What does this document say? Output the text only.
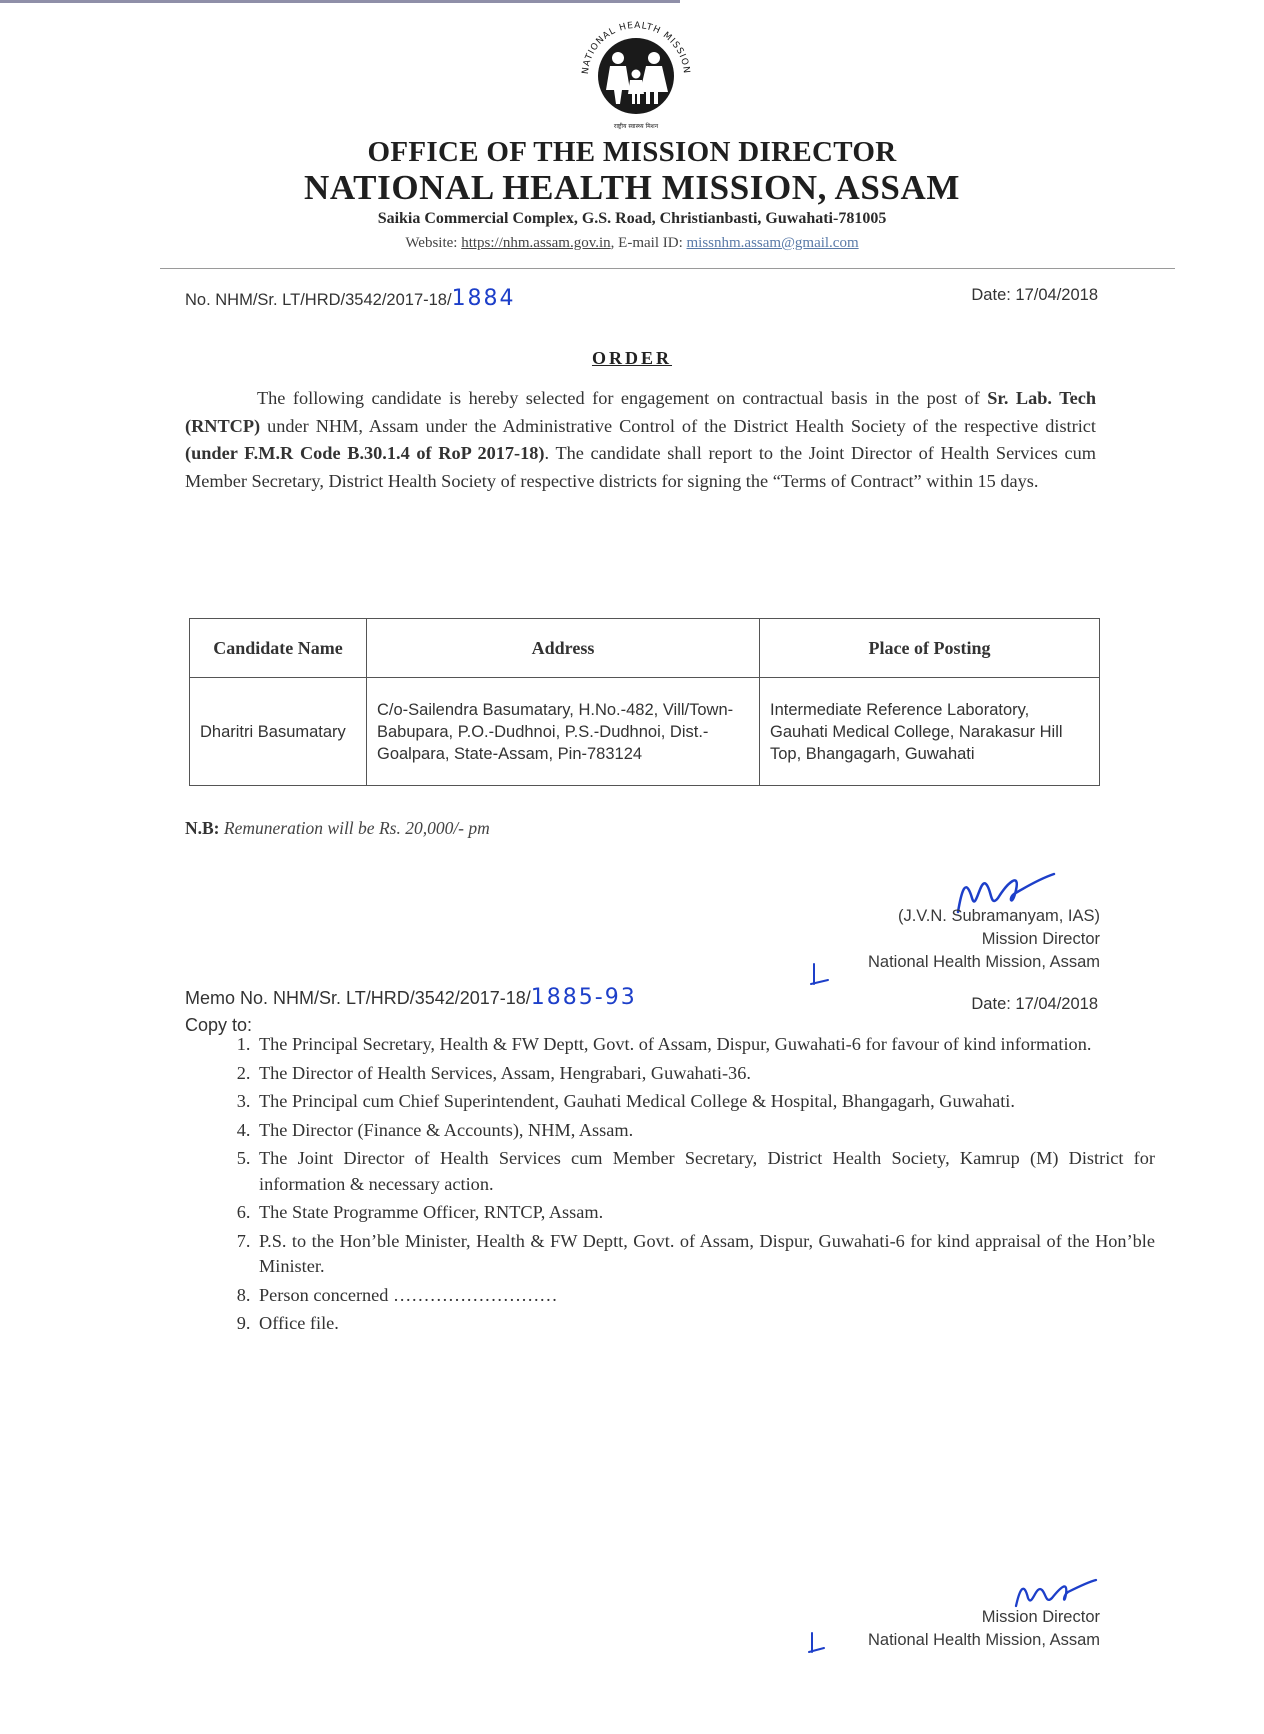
NATIONAL HEALTH MISSION
राष्ट्रीय स्वास्थ्य मिशन
OFFICE OF THE MISSION DIRECTOR
NATIONAL HEALTH MISSION, ASSAM
Saikia Commercial Complex, G.S. Road, Christianbasti, Guwahati-781005
Website: https://nhm.assam.gov.in, E-mail ID: missnhm.assam@gmail.com
No. NHM/Sr. LT/HRD/3542/2017-18/1884	Date: 17/04/2018
ORDER
The following candidate is hereby selected for engagement on contractual basis in the post of Sr. Lab. Tech (RNTCP) under NHM, Assam under the Administrative Control of the District Health Society of the respective district (under F.M.R Code B.30.1.4 of RoP 2017-18). The candidate shall report to the Joint Director of Health Services cum Member Secretary, District Health Society of respective districts for signing the “Terms of Contract” within 15 days.
Candidate Name	Address	Place of Posting
Dharitri Basumatary	C/o-Sailendra Basumatary, H.No.-482, Vill/Town-Babupara, P.O.-Dudhnoi, P.S.-Dudhnoi, Dist.-Goalpara, State-Assam, Pin-783124	Intermediate Reference Laboratory, Gauhati Medical College, Narakasur Hill Top, Bhangagarh, Guwahati
N.B: Remuneration will be Rs. 20,000/- pm
(J.V.N. Subramanyam, IAS)
Mission Director
National Health Mission, Assam
Memo No. NHM/Sr. LT/HRD/3542/2017-18/1885-93	Date: 17/04/2018
Copy to:
1. The Principal Secretary, Health & FW Deptt, Govt. of Assam, Dispur, Guwahati-6 for favour of kind information.
2. The Director of Health Services, Assam, Hengrabari, Guwahati-36.
3. The Principal cum Chief Superintendent, Gauhati Medical College & Hospital, Bhangagarh, Guwahati.
4. The Director (Finance & Accounts), NHM, Assam.
5. The Joint Director of Health Services cum Member Secretary, District Health Society, Kamrup (M) District for information & necessary action.
6. The State Programme Officer, RNTCP, Assam.
7. P.S. to the Hon’ble Minister, Health & FW Deptt, Govt. of Assam, Dispur, Guwahati-6 for kind appraisal of the Hon’ble Minister.
8. Person concerned ………………………
9. Office file.
Mission Director
National Health Mission, Assam
